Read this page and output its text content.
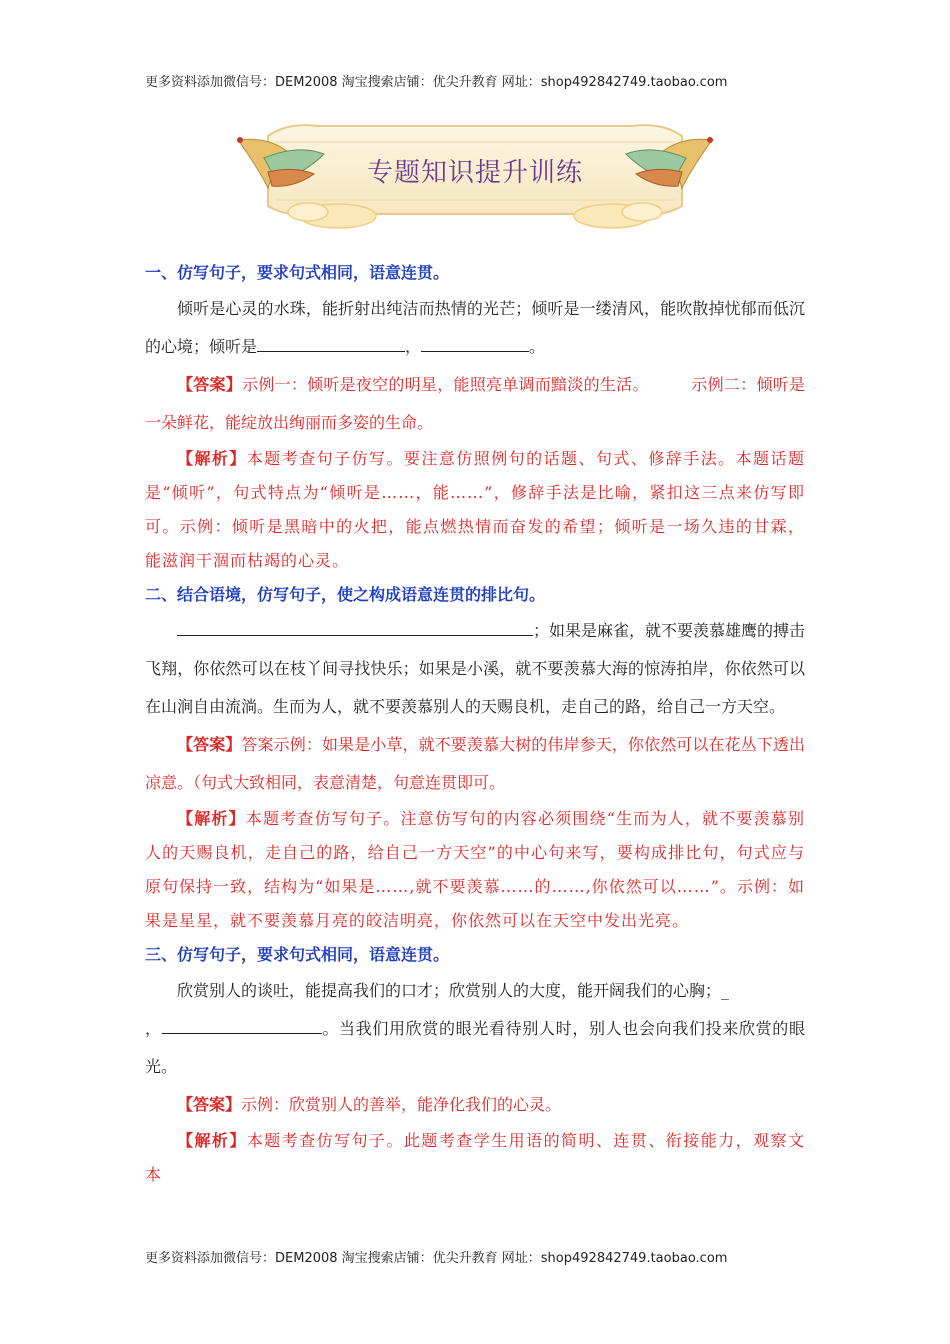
更多资料添加微信号：DEM2008 淘宝搜索店铺：优尖升教育 网址：shop492842749.taobao.com
专题知识提升训练
一、仿写句子，要求句式相同，语意连贯。
倾听是心灵的水珠，能折射出纯洁而热情的光芒；倾听是一缕清风，能吹散掉忧郁而低沉的心境；倾听是	，	。
【答案】示例一：倾听是夜空的明星，能照亮单调而黯淡的生活。        示例二：倾听是一朵鲜花，能绽放出绚丽而多姿的生命。
【解析】本题考查句子仿写。要注意仿照例句的话题、句式、修辞手法。本题话题是“倾听”，句式特点为“倾听是……，能……”，修辞手法是比喻，紧扣这三点来仿写即可。示例：倾听是黑暗中的火把，能点燃热情而奋发的希望；倾听是一场久违的甘霖，能滋润干涸而枯竭的心灵。
二、结合语境，仿写句子，使之构成语意连贯的排比句。
；如果是麻雀，就不要羡慕雄鹰的搏击飞翔，你依然可以在枝丫间寻找快乐；如果是小溪，就不要羡慕大海的惊涛拍岸，你依然可以在山涧自由流淌。生而为人，就不要羡慕别人的天赐良机，走自己的路，给自己一方天空。
【答案】答案示例：如果是小草，就不要羡慕大树的伟岸参天，你依然可以在花丛下透出凉意。（句式大致相同，表意清楚，句意连贯即可。
【解析】本题考查仿写句子。注意仿写句的内容必须围绕“生而为人，就不要羡慕别人的天赐良机，走自己的路，给自己一方天空”的中心句来写，要构成排比句，句式应与原句保持一致，结构为“如果是……,就不要羡慕……的……,你依然可以……”。示例：如果是星星，就不要羡慕月亮的皎洁明亮，你依然可以在天空中发出光亮。
三、仿写句子，要求句式相同，语意连贯。
欣赏别人的谈吐，能提高我们的口才；欣赏别人的大度，能开阔我们的心胸；_
，	。当我们用欣赏的眼光看待别人时，别人也会向我们投来欣赏的眼光。
【答案】示例：欣赏别人的善举，能净化我们的心灵。
【解析】本题考查仿写句子。此题考查学生用语的简明、连贯、衔接能力，观察文本
更多资料添加微信号：DEM2008 淘宝搜索店铺：优尖升教育 网址：shop492842749.taobao.com
